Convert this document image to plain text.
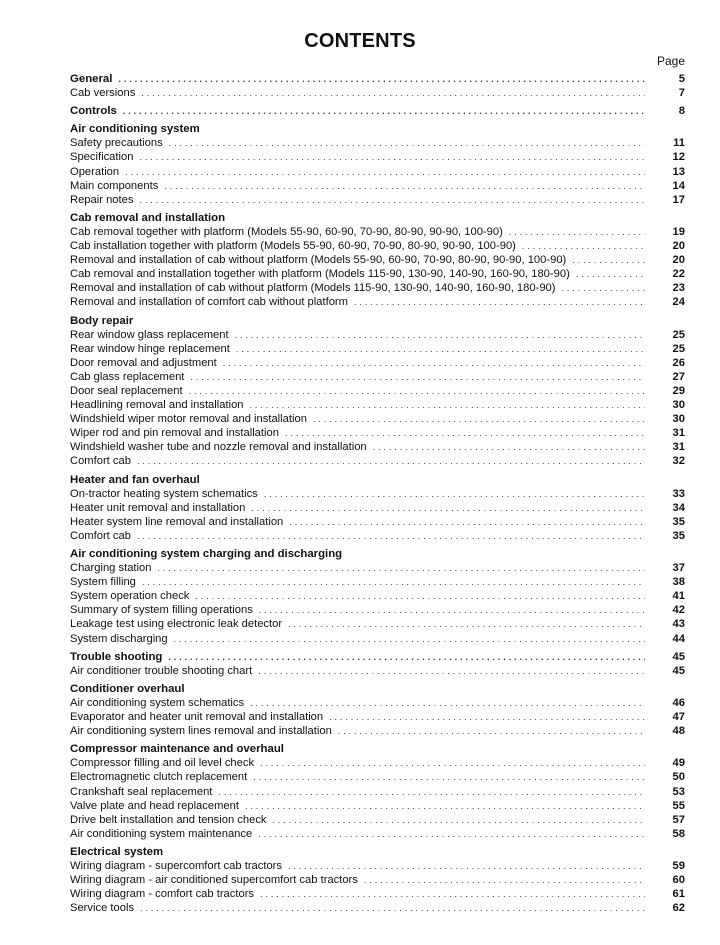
CONTENTS
Page
General . . .	5
Cab versions . . .	7
Controls . . .	8
Air conditioning system
Safety precautions . . .	11
Specification . . .	12
Operation . . .	13
Main components . . .	14
Repair notes . . .	17
Cab removal and installation
Cab removal together with platform (Models 55-90, 60-90, 70-90, 80-90, 90-90, 100-90) . . .	19
Cab installation together with platform (Models 55-90, 60-90, 70-90, 80-90, 90-90, 100-90) . . .	20
Removal and installation of cab without platform (Models 55-90, 60-90, 70-90, 80-90, 90-90, 100-90) . . .	20
Cab removal and installation together with platform (Models 115-90, 130-90, 140-90, 160-90, 180-90) . . .	22
Removal and installation of cab without platform (Models 115-90, 130-90, 140-90, 160-90, 180-90) . . .	23
Removal and installation of comfort cab without platform . . .	24
Body repair
Rear window glass replacement . . .	25
Rear window hinge replacement . . .	25
Door removal and adjustment . . .	26
Cab glass replacement . . .	27
Door seal replacement . . .	29
Headlining removal and installation . . .	30
Windshield wiper motor removal and installation . . .	30
Wiper rod and pin removal and installation . . .	31
Windshield washer tube and nozzle removal and installation . . .	31
Comfort cab . . .	32
Heater and fan overhaul
On-tractor heating system schematics . . .	33
Heater unit removal and installation . . .	34
Heater system line removal and installation . . .	35
Comfort cab . . .	35
Air conditioning system charging and discharging
Charging station . . .	37
System filling . . .	38
System operation check . . .	41
Summary of system filling operations . . .	42
Leakage test using electronic leak detector . . .	43
System discharging . . .	44
Trouble shooting . . .	45
Air conditioner trouble shooting chart . . .	45
Conditioner overhaul
Air conditioning system schematics . . .	46
Evaporator and heater unit removal and installation . . .	47
Air conditioning system lines removal and installation . . .	48
Compressor maintenance and overhaul
Compressor filling and oil level check . . .	49
Electromagnetic clutch replacement . . .	50
Crankshaft seal replacement . . .	53
Valve plate and head replacement . . .	55
Drive belt installation and tension check . . .	57
Air conditioning system maintenance . . .	58
Electrical system
Wiring diagram - supercomfort cab tractors . . .	59
Wiring diagram - air conditioned supercomfort cab tractors . . .	60
Wiring diagram - comfort cab tractors . . .	61
Service tools . . .	62
